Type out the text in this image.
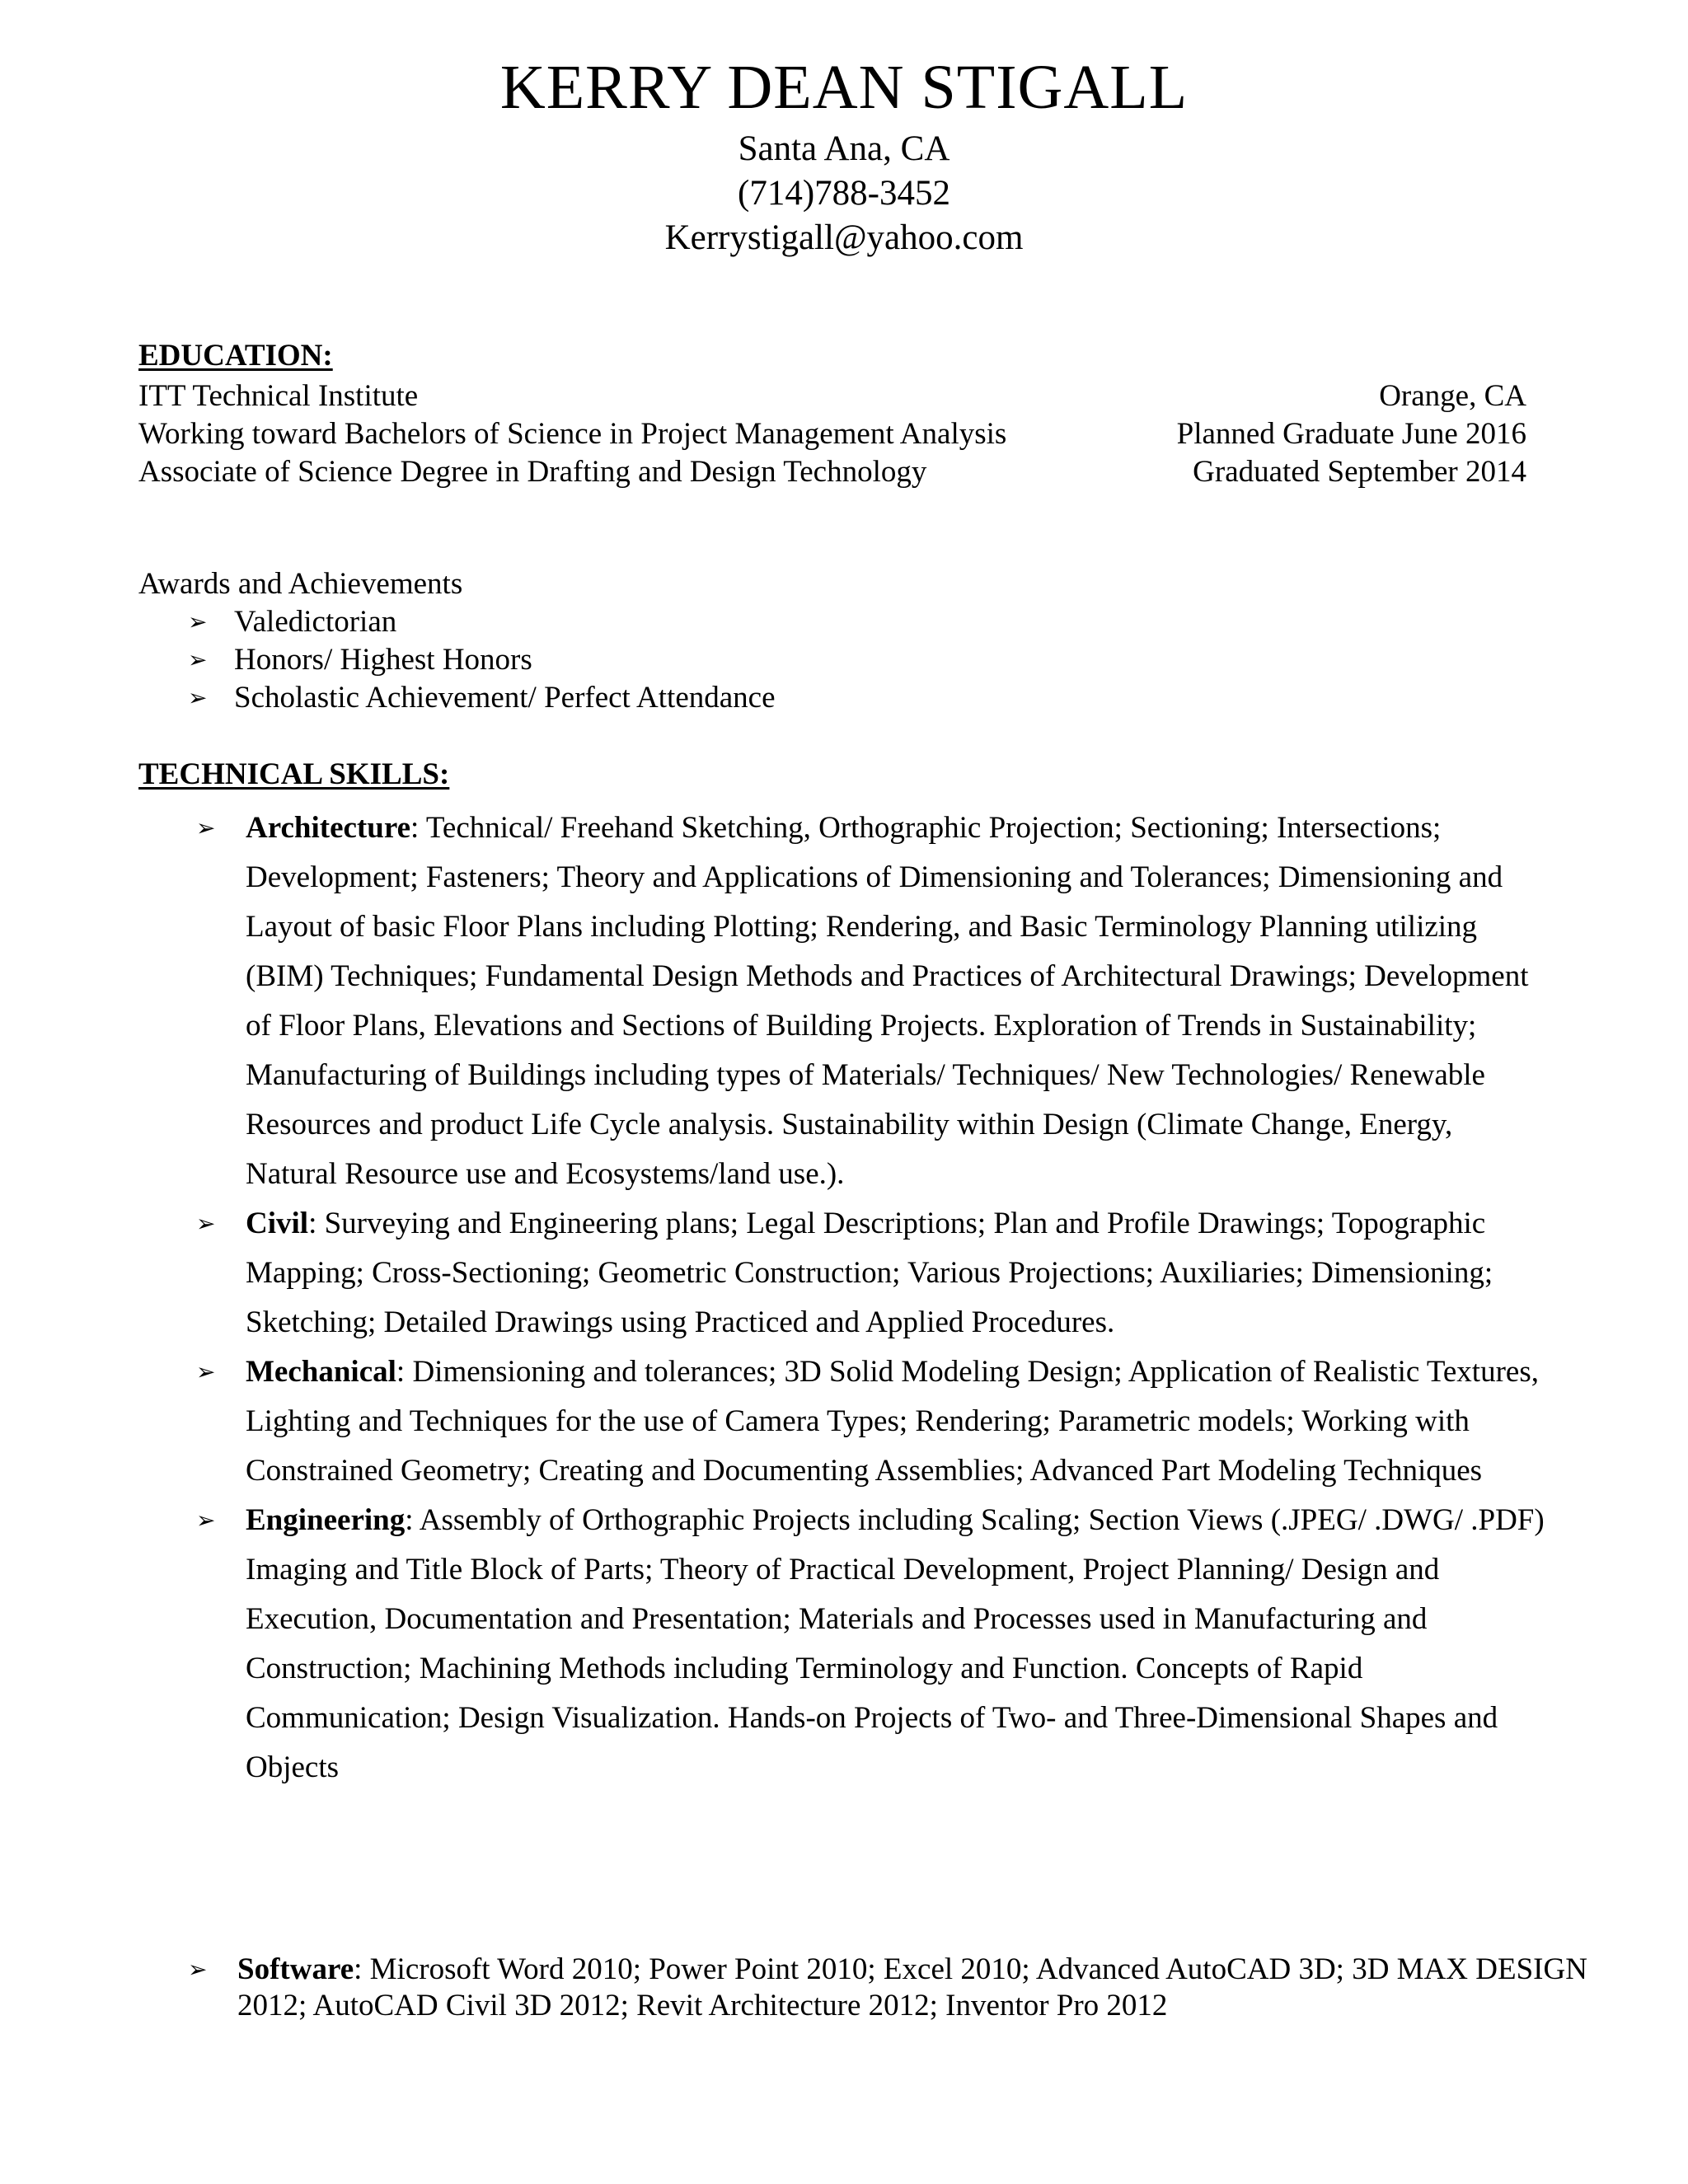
KERRY DEAN STIGALL
Santa Ana, CA
(714)788-3452
Kerrystigall@yahoo.com
EDUCATION:
ITT Technical Institute	Orange, CA
Working toward Bachelors of Science in Project Management Analysis	Planned Graduate June 2016
Associate of Science Degree in Drafting and Design Technology	Graduated September 2014
Awards and Achievements
➢ Valedictorian
➢ Honors/ Highest Honors
➢ Scholastic Achievement/ Perfect Attendance
TECHNICAL SKILLS:
➢ Architecture: Technical/ Freehand Sketching, Orthographic Projection; Sectioning; Intersections; Development; Fasteners; Theory and Applications of Dimensioning and Tolerances; Dimensioning and Layout of basic Floor Plans including Plotting; Rendering, and Basic Terminology Planning utilizing (BIM) Techniques; Fundamental Design Methods and Practices of Architectural Drawings; Development of Floor Plans, Elevations and Sections of Building Projects. Exploration of Trends in Sustainability; Manufacturing of Buildings including types of Materials/ Techniques/ New Technologies/ Renewable Resources and product Life Cycle analysis. Sustainability within Design (Climate Change, Energy, Natural Resource use and Ecosystems/land use.).
➢ Civil: Surveying and Engineering plans; Legal Descriptions; Plan and Profile Drawings; Topographic Mapping; Cross-Sectioning; Geometric Construction; Various Projections; Auxiliaries; Dimensioning; Sketching; Detailed Drawings using Practiced and Applied Procedures.
➢ Mechanical: Dimensioning and tolerances; 3D Solid Modeling Design; Application of Realistic Textures, Lighting and Techniques for the use of Camera Types; Rendering; Parametric models; Working with Constrained Geometry; Creating and Documenting Assemblies; Advanced Part Modeling Techniques
➢ Engineering: Assembly of Orthographic Projects including Scaling; Section Views (.JPEG/ .DWG/ .PDF) Imaging and Title Block of Parts; Theory of Practical Development, Project Planning/ Design and Execution, Documentation and Presentation; Materials and Processes used in Manufacturing and Construction; Machining Methods including Terminology and Function. Concepts of Rapid Communication; Design Visualization. Hands-on Projects of Two- and Three-Dimensional Shapes and Objects
➢ Software: Microsoft Word 2010; Power Point 2010; Excel 2010; Advanced AutoCAD 3D; 3D MAX DESIGN 2012; AutoCAD Civil 3D 2012; Revit Architecture 2012; Inventor Pro 2012
